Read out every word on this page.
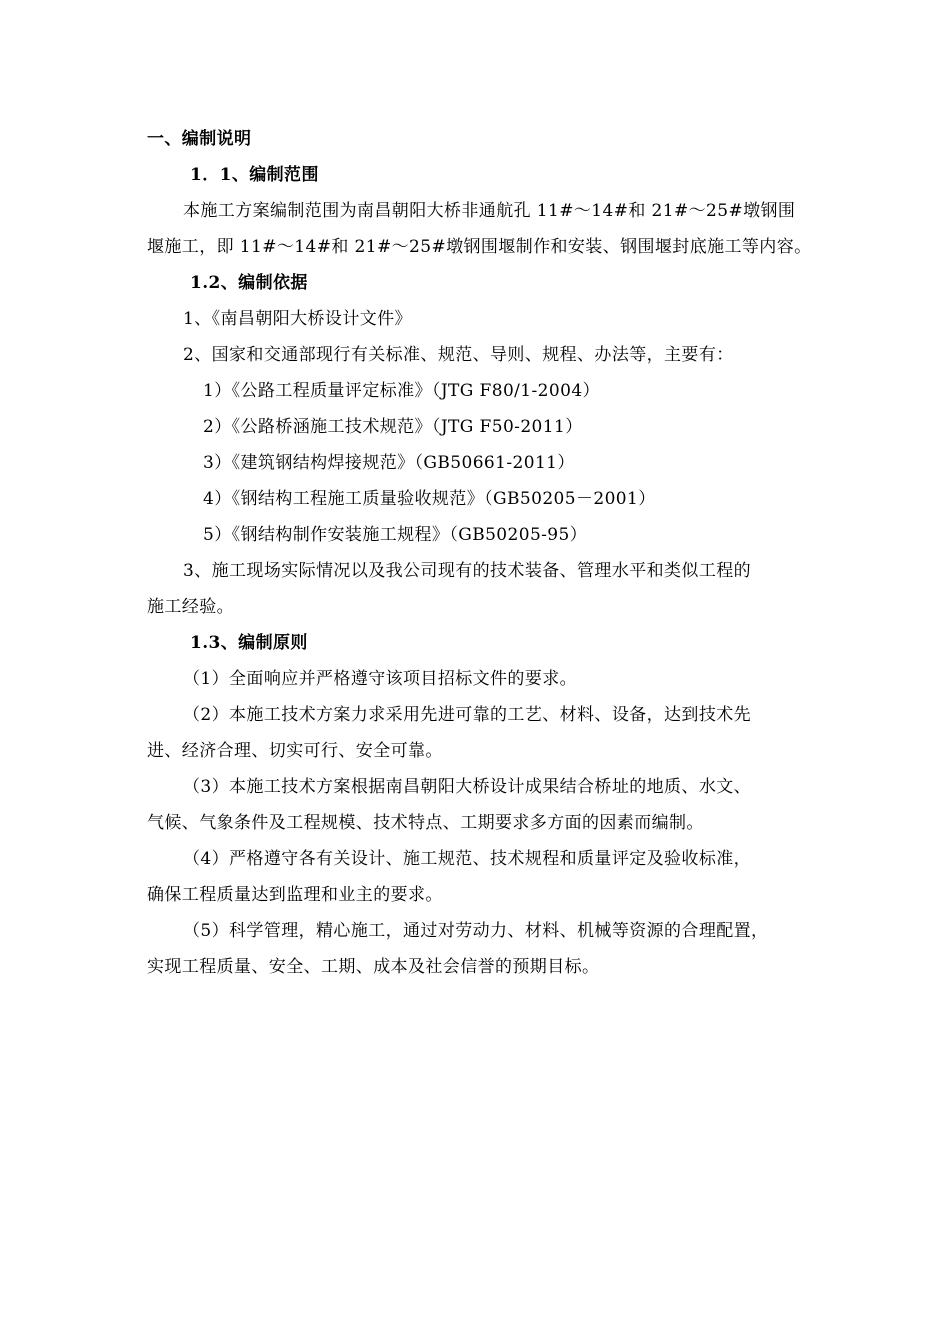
一、编制说明
1．1、编制范围
本施工方案编制范围为南昌朝阳大桥非通航孔 11#～14#和 21#～25#墩钢围
堰施工，即 11#～14#和 21#～25#墩钢围堰制作和安装、钢围堰封底施工等内容。
1.2、编制依据
1、《南昌朝阳大桥设计文件》
2、国家和交通部现行有关标准、规范、导则、规程、办法等，主要有：
1）《公路工程质量评定标准》（JTG F80/1-2004）
2）《公路桥涵施工技术规范》（JTG F50-2011）
3）《建筑钢结构焊接规范》（GB50661-2011）
4）《钢结构工程施工质量验收规范》（GB50205－2001）
5）《钢结构制作安装施工规程》（GB50205-95）
3、施工现场实际情况以及我公司现有的技术装备、管理水平和类似工程的
施工经验。
1.3、编制原则
（1）全面响应并严格遵守该项目招标文件的要求。
（2）本施工技术方案力求采用先进可靠的工艺、材料、设备，达到技术先
进、经济合理、切实可行、安全可靠。
（3）本施工技术方案根据南昌朝阳大桥设计成果结合桥址的地质、水文、
气候、气象条件及工程规模、技术特点、工期要求多方面的因素而编制。
（4）严格遵守各有关设计、施工规范、技术规程和质量评定及验收标准，
确保工程质量达到监理和业主的要求。
（5）科学管理，精心施工，通过对劳动力、材料、机械等资源的合理配置，
实现工程质量、安全、工期、成本及社会信誉的预期目标。
